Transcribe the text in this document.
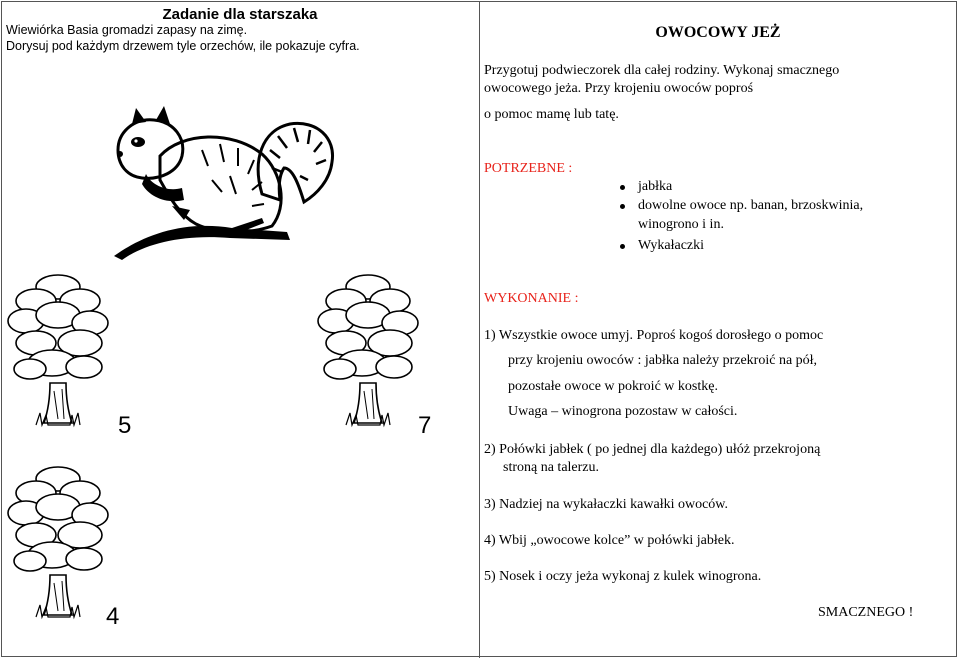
Zadanie dla starszaka
Wiewiórka Basia gromadzi zapasy na zimę.
Dorysuj pod każdym drzewem tyle orzechów, ile pokazuje cyfra.
5	7
4
OWOCOWY JEŻ
Przygotuj podwieczorek dla całej rodziny. Wykonaj smacznego
owocowego jeża. Przy krojeniu owoców poproś
o pomoc mamę lub tatę.
POTRZEBNE :
jabłka
dowolne owoce np. banan, brzoskwinia,
winogrono i in.
Wykałaczki
WYKONANIE :
1) Wszystkie owoce umyj. Poproś kogoś dorosłego o pomoc
przy krojeniu owoców : jabłka należy przekroić na pół,
pozostałe owoce w pokroić w kostkę.
Uwaga – winogrona pozostaw w całości.
2) Połówki jabłek ( po jednej dla każdego) ułóż przekrojoną
stroną na talerzu.
3) Nadziej na wykałaczki kawałki owoców.
4) Wbij „owocowe kolce” w połówki jabłek.
5) Nosek i oczy jeża wykonaj z kulek winogrona.
SMACZNEGO !
